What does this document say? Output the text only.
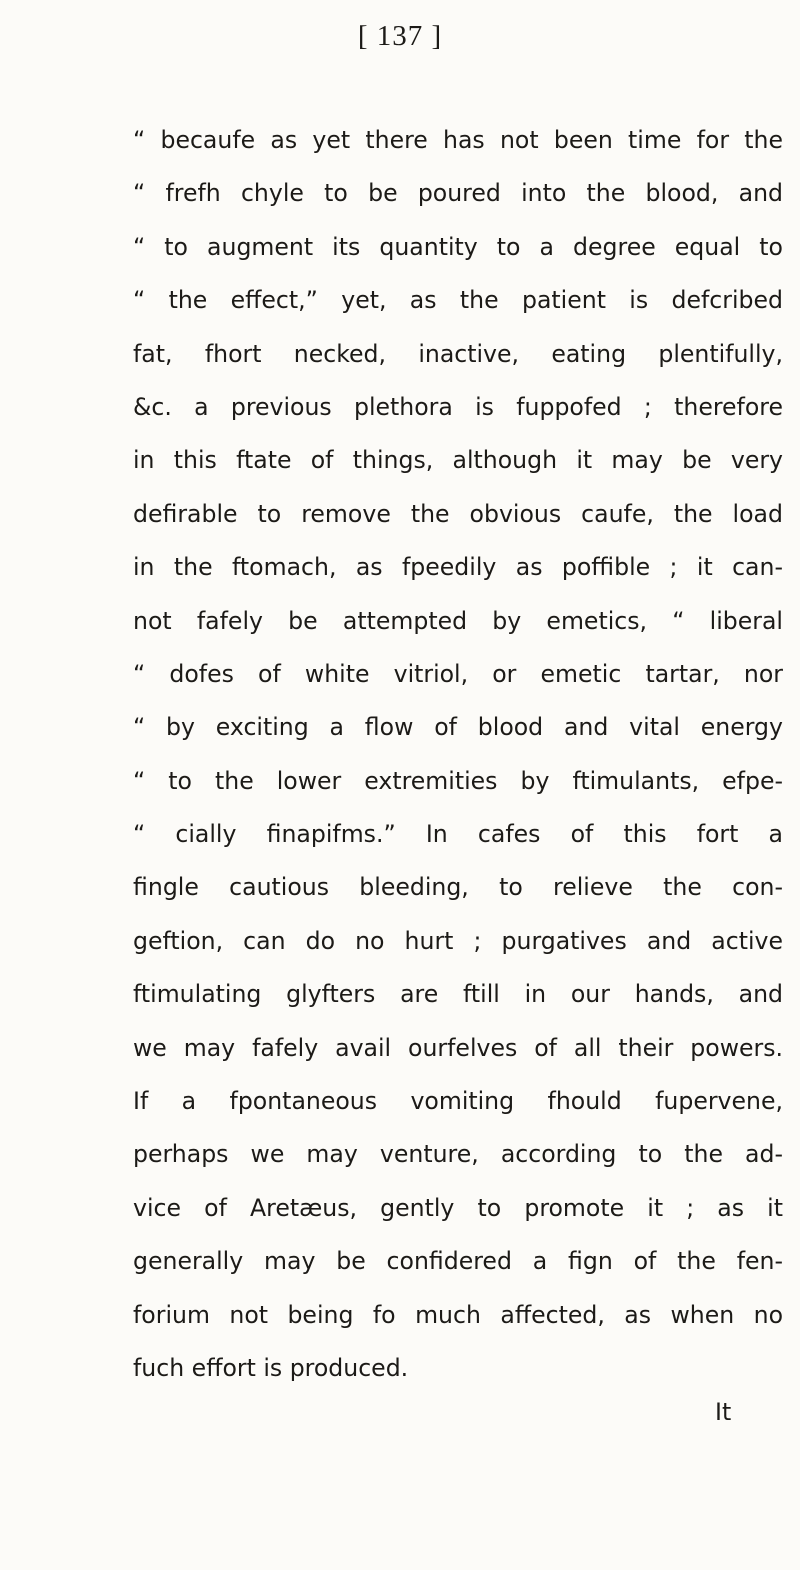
[ 137 ]
“ becaufe as yet there has not been time for the
“ frefh chyle to be poured into the blood, and
“ to augment its quantity to a degree equal to
“ the effect,” yet, as the patient is defcribed
fat, fhort necked, inactive, eating plentifully,
&c. a previous plethora is fuppofed ; therefore
in this ftate of things, although it may be very
defirable to remove the obvious caufe, the load
in the ftomach, as fpeedily as poffible ; it can-
not fafely be attempted by emetics, “ liberal
“ dofes of white vitriol, or emetic tartar, nor
“ by exciting a flow of blood and vital energy
“ to the lower extremities by ftimulants, efpe-
“ cially finapifms.” In cafes of this fort a
fingle cautious bleeding, to relieve the con-
geftion, can do no hurt ; purgatives and active
ftimulating glyfters are ftill in our hands, and
we may fafely avail ourfelves of all their powers.
If a fpontaneous vomiting fhould fupervene,
perhaps we may venture, according to the ad-
vice of Aretæus, gently to promote it ; as it
generally may be confidered a fign of the fen-
forium not being fo much affected, as when no
fuch effort is produced.
It
